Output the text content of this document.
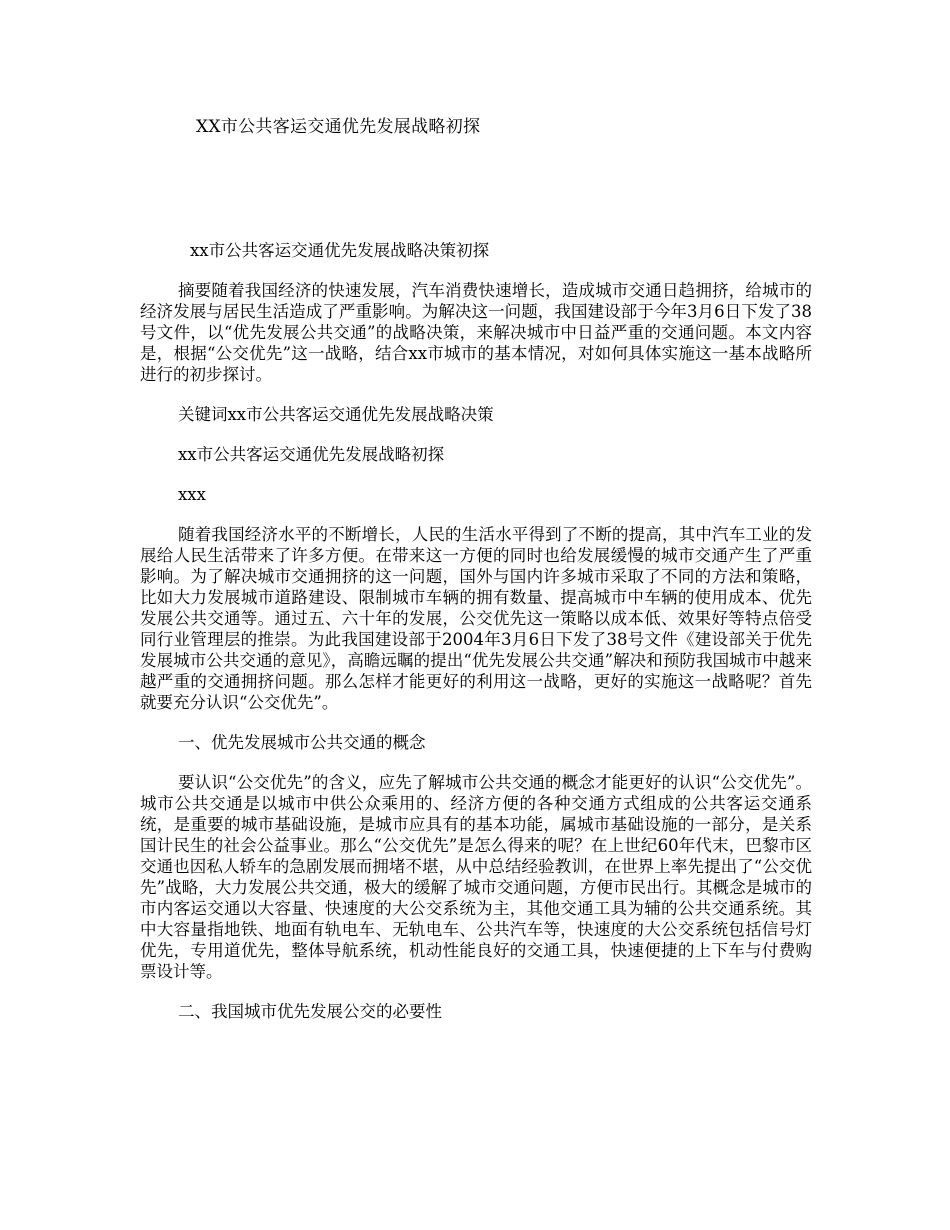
XX市公共客运交通优先发展战略初探

xx市公共客运交通优先发展战略决策初探

摘要随着我国经济的快速发展，汽车消费快速增长，造成城市交通日趋拥挤，给城市的经济发展与居民生活造成了严重影响。为解决这一问题，我国建设部于今年3月6日下发了38号文件，以“优先发展公共交通”的战略决策，来解决城市中日益严重的交通问题。本文内容是，根据“公交优先”这一战略，结合xx市城市的基本情况，对如何具体实施这一基本战略所进行的初步探讨。

关键词xx市公共客运交通优先发展战略决策

xx市公共客运交通优先发展战略初探

xxx

随着我国经济水平的不断增长，人民的生活水平得到了不断的提高，其中汽车工业的发展给人民生活带来了许多方便。在带来这一方便的同时也给发展缓慢的城市交通产生了严重影响。为了解决城市交通拥挤的这一问题，国外与国内许多城市采取了不同的方法和策略，比如大力发展城市道路建设、限制城市车辆的拥有数量、提高城市中车辆的使用成本、优先发展公共交通等。通过五、六十年的发展，公交优先这一策略以成本低、效果好等特点倍受同行业管理层的推崇。为此我国建设部于2004年3月6日下发了38号文件《建设部关于优先发展城市公共交通的意见》，高瞻远瞩的提出“优先发展公共交通”解决和预防我国城市中越来越严重的交通拥挤问题。那么怎样才能更好的利用这一战略，更好的实施这一战略呢？首先就要充分认识“公交优先”。

一、优先发展城市公共交通的概念

要认识“公交优先”的含义，应先了解城市公共交通的概念才能更好的认识“公交优先”。城市公共交通是以城市中供公众乘用的、经济方便的各种交通方式组成的公共客运交通系统，是重要的城市基础设施，是城市应具有的基本功能，属城市基础设施的一部分，是关系国计民生的社会公益事业。那么“公交优先”是怎么得来的呢？在上世纪60年代末，巴黎市区交通也因私人轿车的急剧发展而拥堵不堪，从中总结经验教训，在世界上率先提出了“公交优先”战略，大力发展公共交通，极大的缓解了城市交通问题，方便市民出行。其概念是城市的市内客运交通以大容量、快速度的大公交系统为主，其他交通工具为辅的公共交通系统。其中大容量指地铁、地面有轨电车、无轨电车、公共汽车等，快速度的大公交系统包括信号灯优先，专用道优先，整体导航系统，机动性能良好的交通工具，快速便捷的上下车与付费购票设计等。

二、我国城市优先发展公交的必要性
